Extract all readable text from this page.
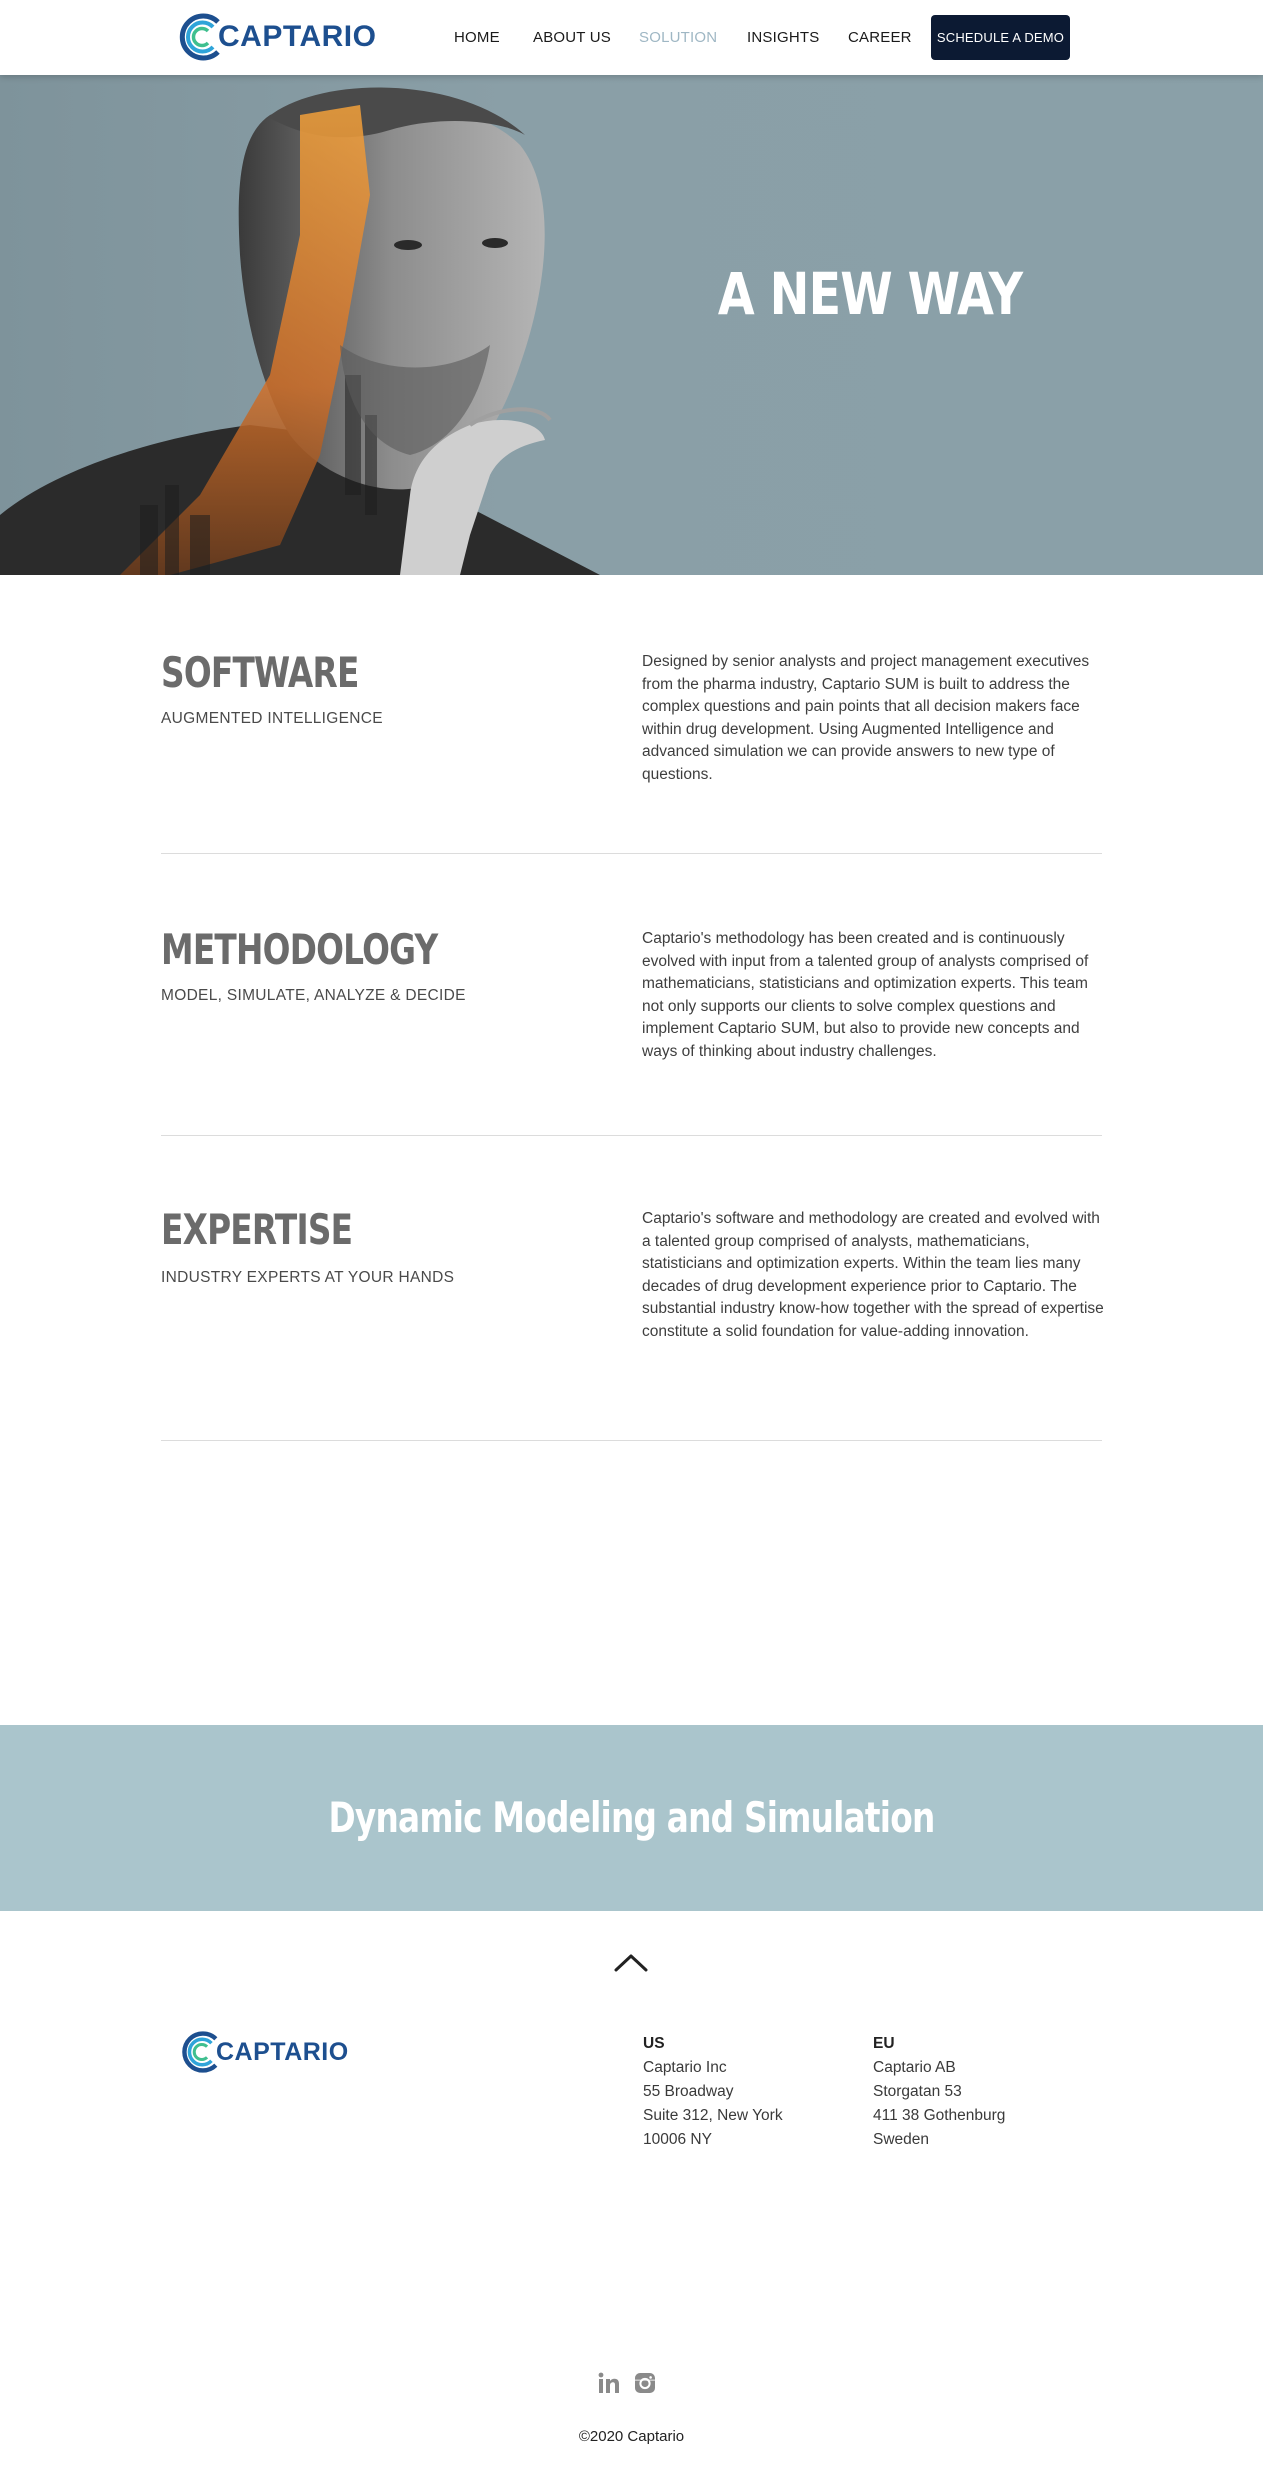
CAPTARIO	HOME ABOUT US SOLUTION INSIGHTS CAREER	SCHEDULE A DEMO
A NEW WAY
SOFTWARE
AUGMENTED INTELLIGENCE

Designed by senior analysts and project management executives from the pharma industry, Captario SUM is built to address the complex questions and pain points that all decision makers face within drug development. Using Augmented Intelligence and advanced simulation we can provide answers to new type of questions.

METHODOLOGY
MODEL, SIMULATE, ANALYZE & DECIDE

Captario's methodology has been created and is continuously evolved with input from a talented group of analysts comprised of mathematicians, statisticians and optimization experts. This team not only supports our clients to solve complex questions and implement Captario SUM, but also to provide new concepts and ways of thinking about industry challenges.

EXPERTISE
INDUSTRY EXPERTS AT YOUR HANDS

Captario's software and methodology are created and evolved with a talented group comprised of analysts, mathematicians, statisticians and optimization experts. Within the team lies many decades of drug development experience prior to Captario. The substantial industry know-how together with the spread of expertise constitute a solid foundation for value-adding innovation.

Dynamic Modeling and Simulation
CAPTARIO	US
Captario Inc
55 Broadway
Suite 312, New York
10006 NY
EU
Captario AB
Storgatan 53
411 38 Gothenburg
Sweden
©2020 Captario
